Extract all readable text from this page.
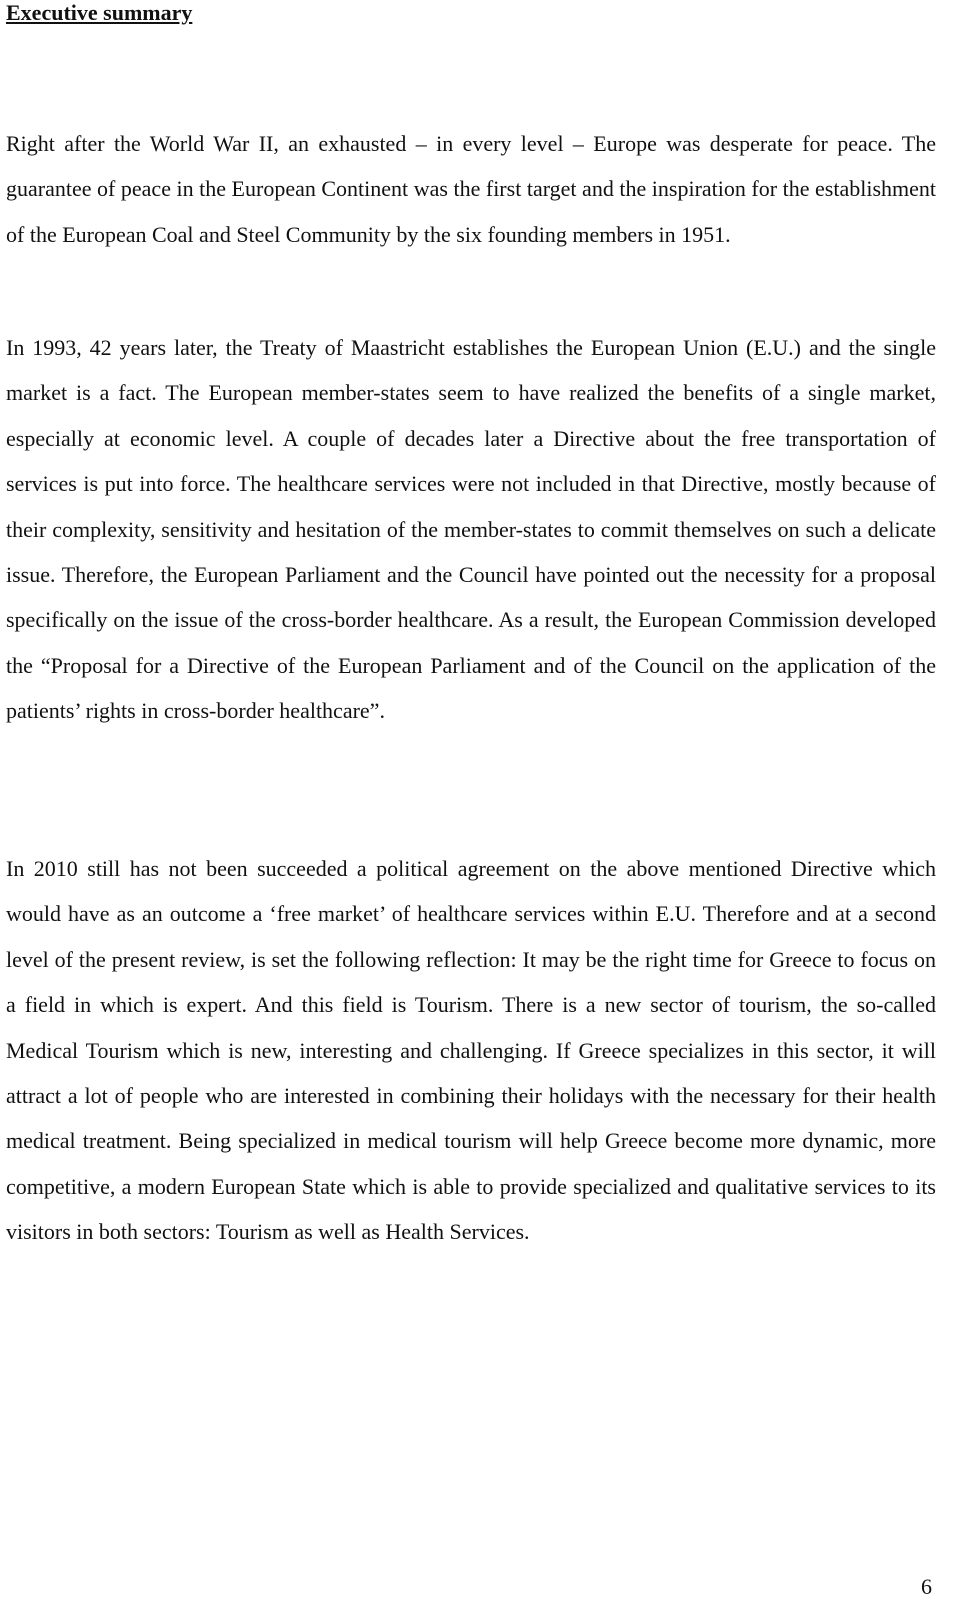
Executive summary

Right after the World War II, an exhausted – in every level – Europe was desperate for peace. The guarantee of peace in the European Continent was the first target and the inspiration for the establishment of the European Coal and Steel Community by the six founding members in 1951.

In 1993, 42 years later, the Treaty of Maastricht establishes the European Union (E.U.) and the single market is a fact. The European member-states seem to have realized the benefits of a single market, especially at economic level. A couple of decades later a Directive about the free transportation of services is put into force. The healthcare services were not included in that Directive, mostly because of their complexity, sensitivity and hesitation of the member-states to commit themselves on such a delicate issue. Therefore, the European Parliament and the Council have pointed out the necessity for a proposal specifically on the issue of the cross-border healthcare. As a result, the European Commission developed the “Proposal for a Directive of the European Parliament and of the Council on the application of the patients’ rights in cross-border healthcare”.

In 2010 still has not been succeeded a political agreement on the above mentioned Directive which would have as an outcome a ‘free market’ of healthcare services within E.U. Therefore and at a second level of the present review, is set the following reflection: It may be the right time for Greece to focus on a field in which is expert. And this field is Tourism. There is a new sector of tourism, the so-called Medical Tourism which is new, interesting and challenging. If Greece specializes in this sector, it will attract a lot of people who are interested in combining their holidays with the necessary for their health medical treatment. Being specialized in medical tourism will help Greece become more dynamic, more competitive, a modern European State which is able to provide specialized and qualitative services to its visitors in both sectors: Tourism as well as Health Services.

6
